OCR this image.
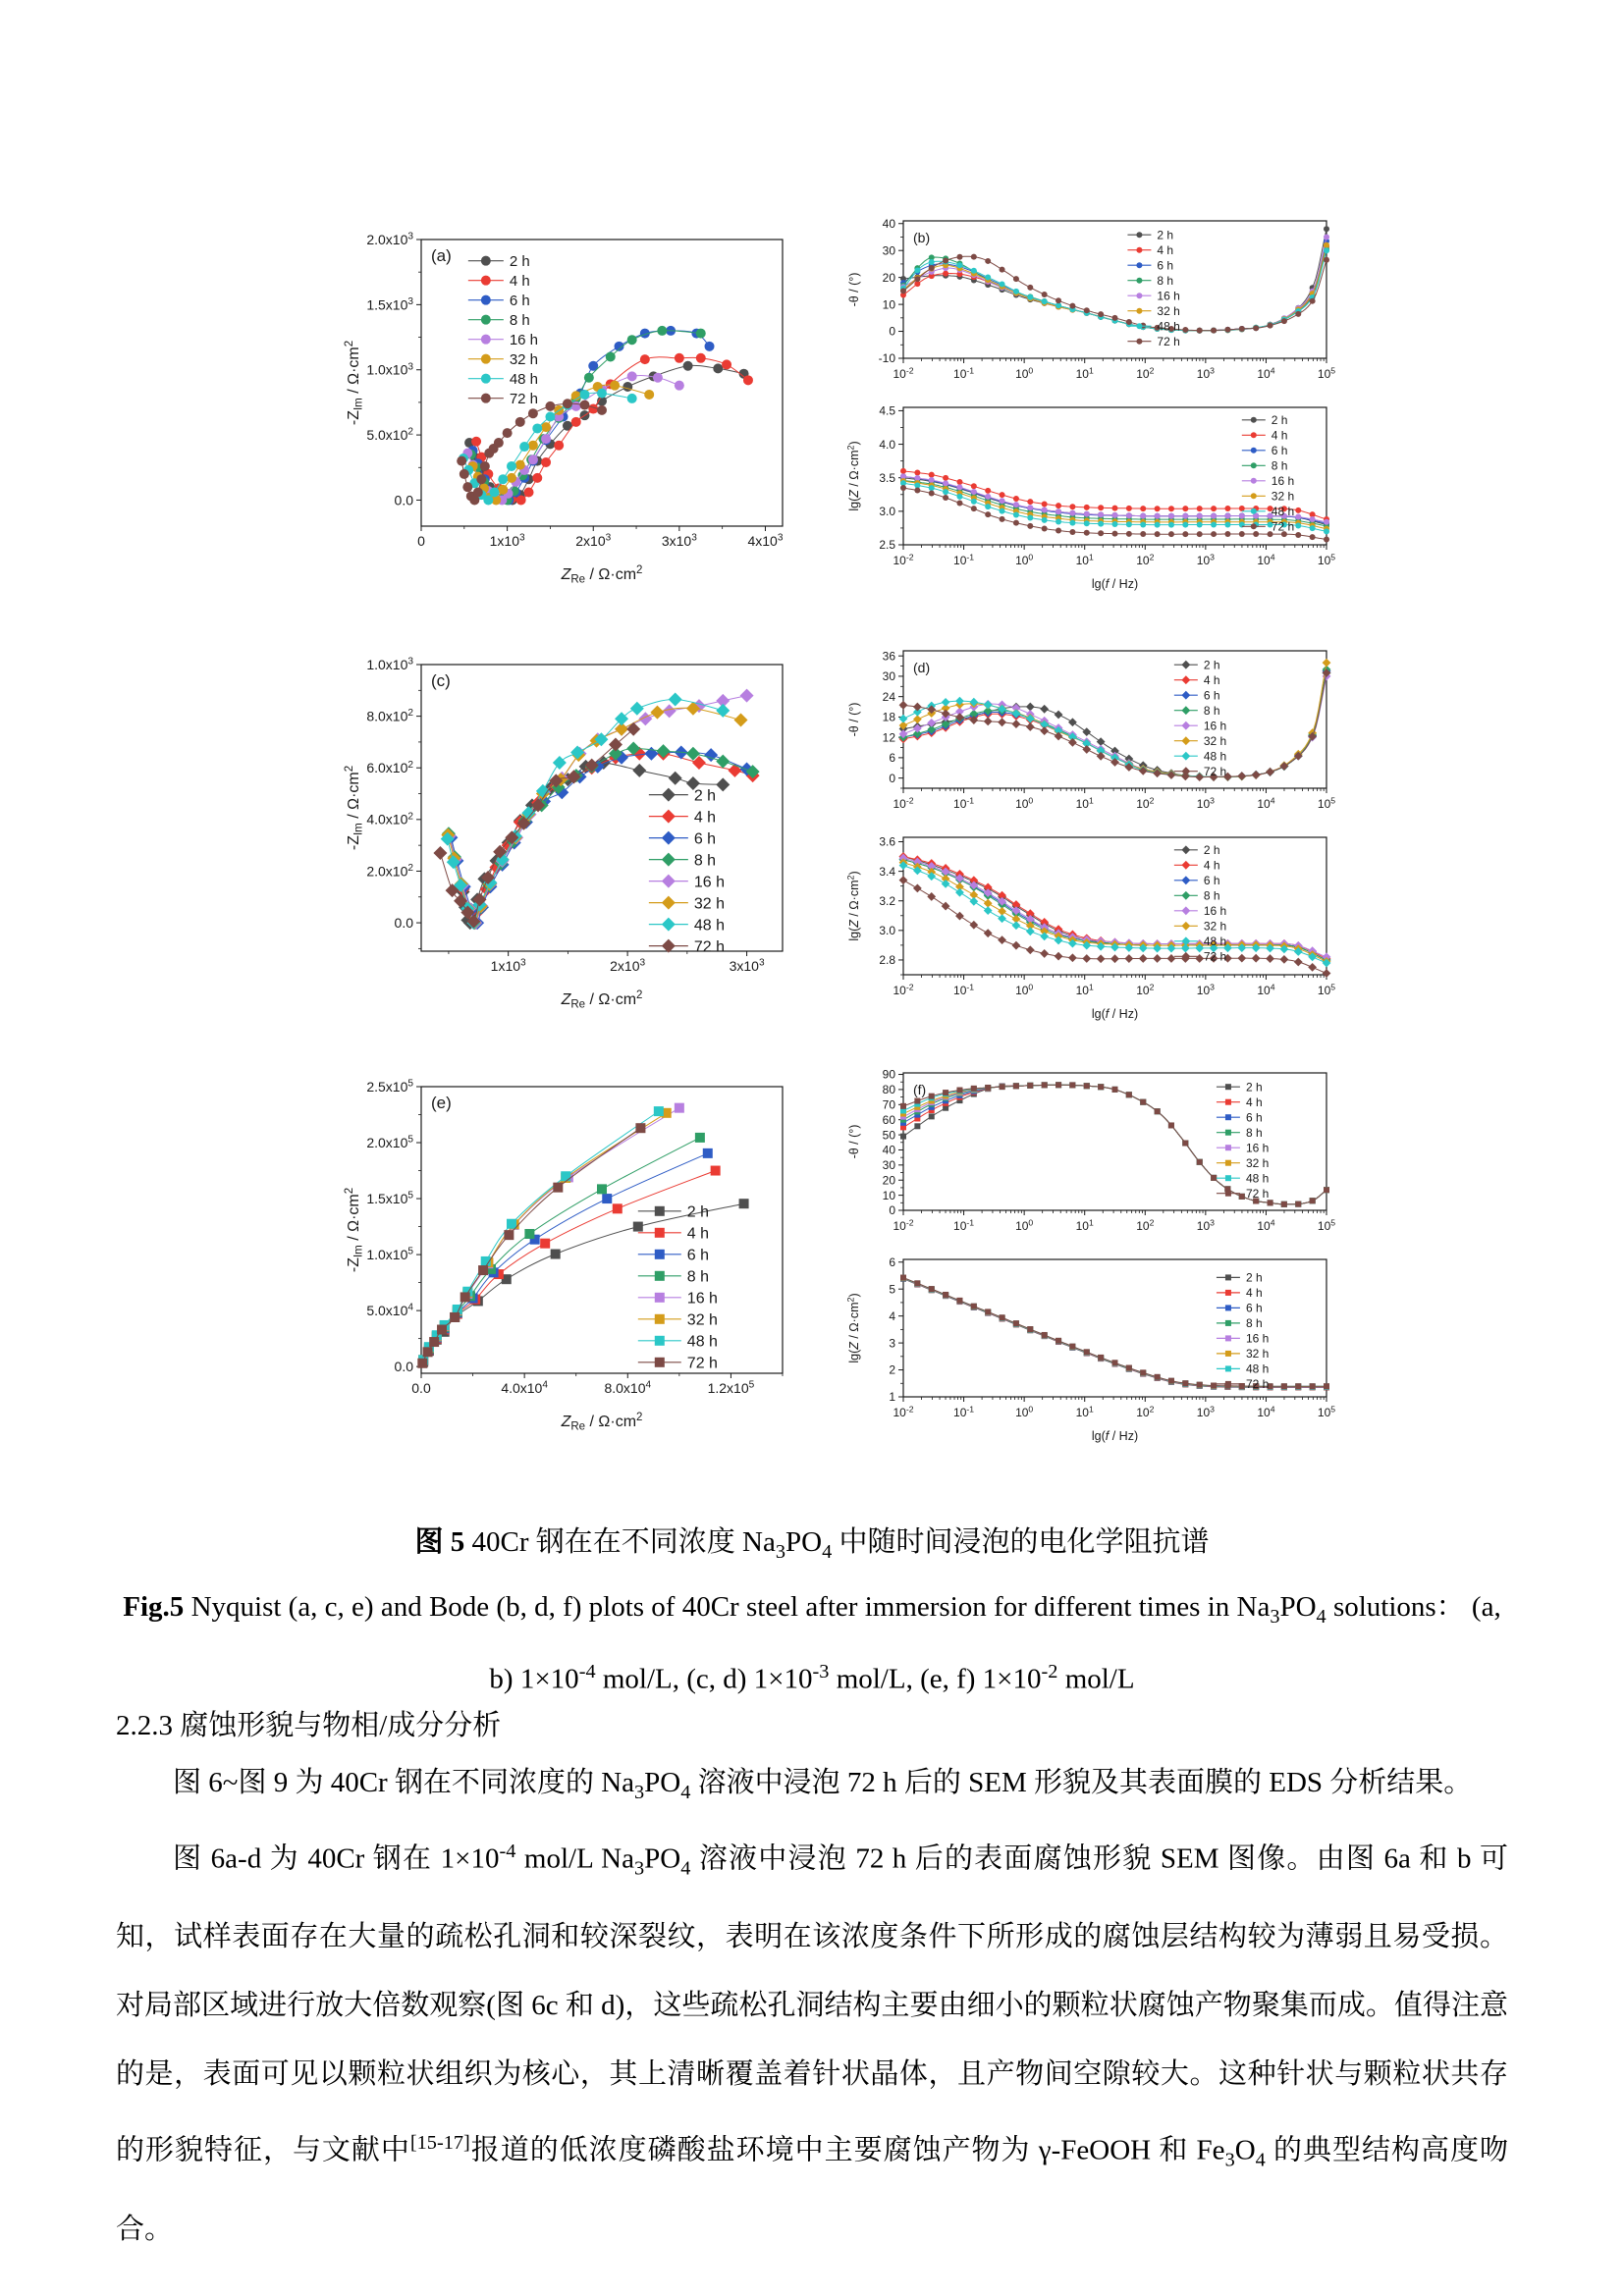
0	$1x10^3$	$2x10^3$	$3x10^3$	$4x10^3$
0.0
$5.0x10^2$
$1.0x10^3$
$1.5x10^3$
$2.0x10^3$
$Z_{Re} / \Omega\cdot cm^2$
$-Z_{Im} / \Omega\cdot cm^2$
(a)	2 h
4 h
6 h
8 h
16 h
32 h
48 h
72 h
$10^{-2}$	$10^{-1}$	$10^0$	$10^1$	$10^2$	$10^3$	$10^4$	$10^5$
-10
0
10
20
30
40
-θ / (°)
(b)	2 h
4 h
6 h
8 h
16 h
32 h
48 h
72 h
$10^{-2}$	$10^{-1}$	$10^0$	$10^1$	$10^2$	$10^3$	$10^4$	$10^5$
2.5
3.0
3.5
4.0
4.5
lg(f / Hz)
$\lg(Z / \Omega\cdot cm^2)$
2 h
4 h
6 h
8 h
16 h
32 h
48 h
72 h
$1x10^3$	$2x10^3$	$3x10^3$
0.0
$2.0x10^2$
$4.0x10^2$
$6.0x10^2$
$8.0x10^2$
$1.0x10^3$
$Z_{Re} / \Omega\cdot cm^2$
$-Z_{Im} / \Omega\cdot cm^2$
(c)
2 h
4 h
6 h
8 h
16 h
32 h
48 h
72 h
$10^{-2}$	$10^{-1}$	$10^0$	$10^1$	$10^2$	$10^3$	$10^4$	$10^5$
0
6
12
18
24
30
36
-θ / (°)
(d)	2 h
4 h
6 h
8 h
16 h
32 h
48 h
72 h
$10^{-2}$	$10^{-1}$	$10^0$	$10^1$	$10^2$	$10^3$	$10^4$	$10^5$
2.8
3.0
3.2
3.4
3.6
lg(f / Hz)
$\lg(Z / \Omega\cdot cm^2)$
2 h
4 h
6 h
8 h
16 h
32 h
48 h
72 h
0.0	$4.0x10^4$	$8.0x10^4$	$1.2x10^5$
0.0
$5.0x10^4$
$1.0x10^5$
$1.5x10^5$
$2.0x10^5$
$2.5x10^5$
$Z_{Re} / \Omega\cdot cm^2$
$-Z_{Im} / \Omega\cdot cm^2$
(e)
2 h
4 h
6 h
8 h
16 h
32 h
48 h
72 h
$10^{-2}$	$10^{-1}$	$10^0$	$10^1$	$10^2$	$10^3$	$10^4$	$10^5$
0
10
20
30
40
50
60
70
80
90
-θ / (°)
(f)	2 h
4 h
6 h
8 h
16 h
32 h
48 h
72 h
$10^{-2}$	$10^{-1}$	$10^0$	$10^1$	$10^2$	$10^3$	$10^4$	$10^5$
1
2
3
4
5
6
lg(f / Hz)
$\lg(Z / \Omega\cdot cm^2)$
2 h
4 h
6 h
8 h
16 h
32 h
48 h
72 h

图 5 40Cr 钢在在不同浓度 $Na_3PO_4$ 中随时间浸泡的电化学阻抗谱

Fig.5 Nyquist (a, c, e) and Bode (b, d, f) plots of 40Cr steel after immersion for different times in $Na_3PO_4$ solutions： (a,

b) $1\times 10^{-4}$ mol/L, (c, d) $1\times 10^{-3}$ mol/L, (e, f) $1\times 10^{-2}$ mol/L

2.2.3 腐蚀形貌与物相/成分分析

图 6~图 9 为 40Cr 钢在不同浓度的 $Na_3PO_4$ 溶液中浸泡 72 h 后的 SEM 形貌及其表面膜的 EDS 分析结果。

图 6a-d 为 40Cr 钢在 $1\times 10^{-4}$ mol/L $Na_3PO_4$ 溶液中浸泡 72 h 后的表面腐蚀形貌 SEM 图像。由图 6a 和 b 可知，试样表面存在大量的疏松孔洞和较深裂纹，表明在该浓度条件下所形成的腐蚀层结构较为薄弱且易受损。对局部区域进行放大倍数观察(图 6c 和 d)，这些疏松孔洞结构主要由细小的颗粒状腐蚀产物聚集而成。值得注意的是，表面可见以颗粒状组织为核心，其上清晰覆盖着针状晶体，且产物间空隙较大。这种针状与颗粒状共存的形貌特征，与文献中[15-17]报道的低浓度磷酸盐环境中主要腐蚀产物为 γ-FeOOH 和 $Fe_3O_4$ 的典型结构高度吻合。
